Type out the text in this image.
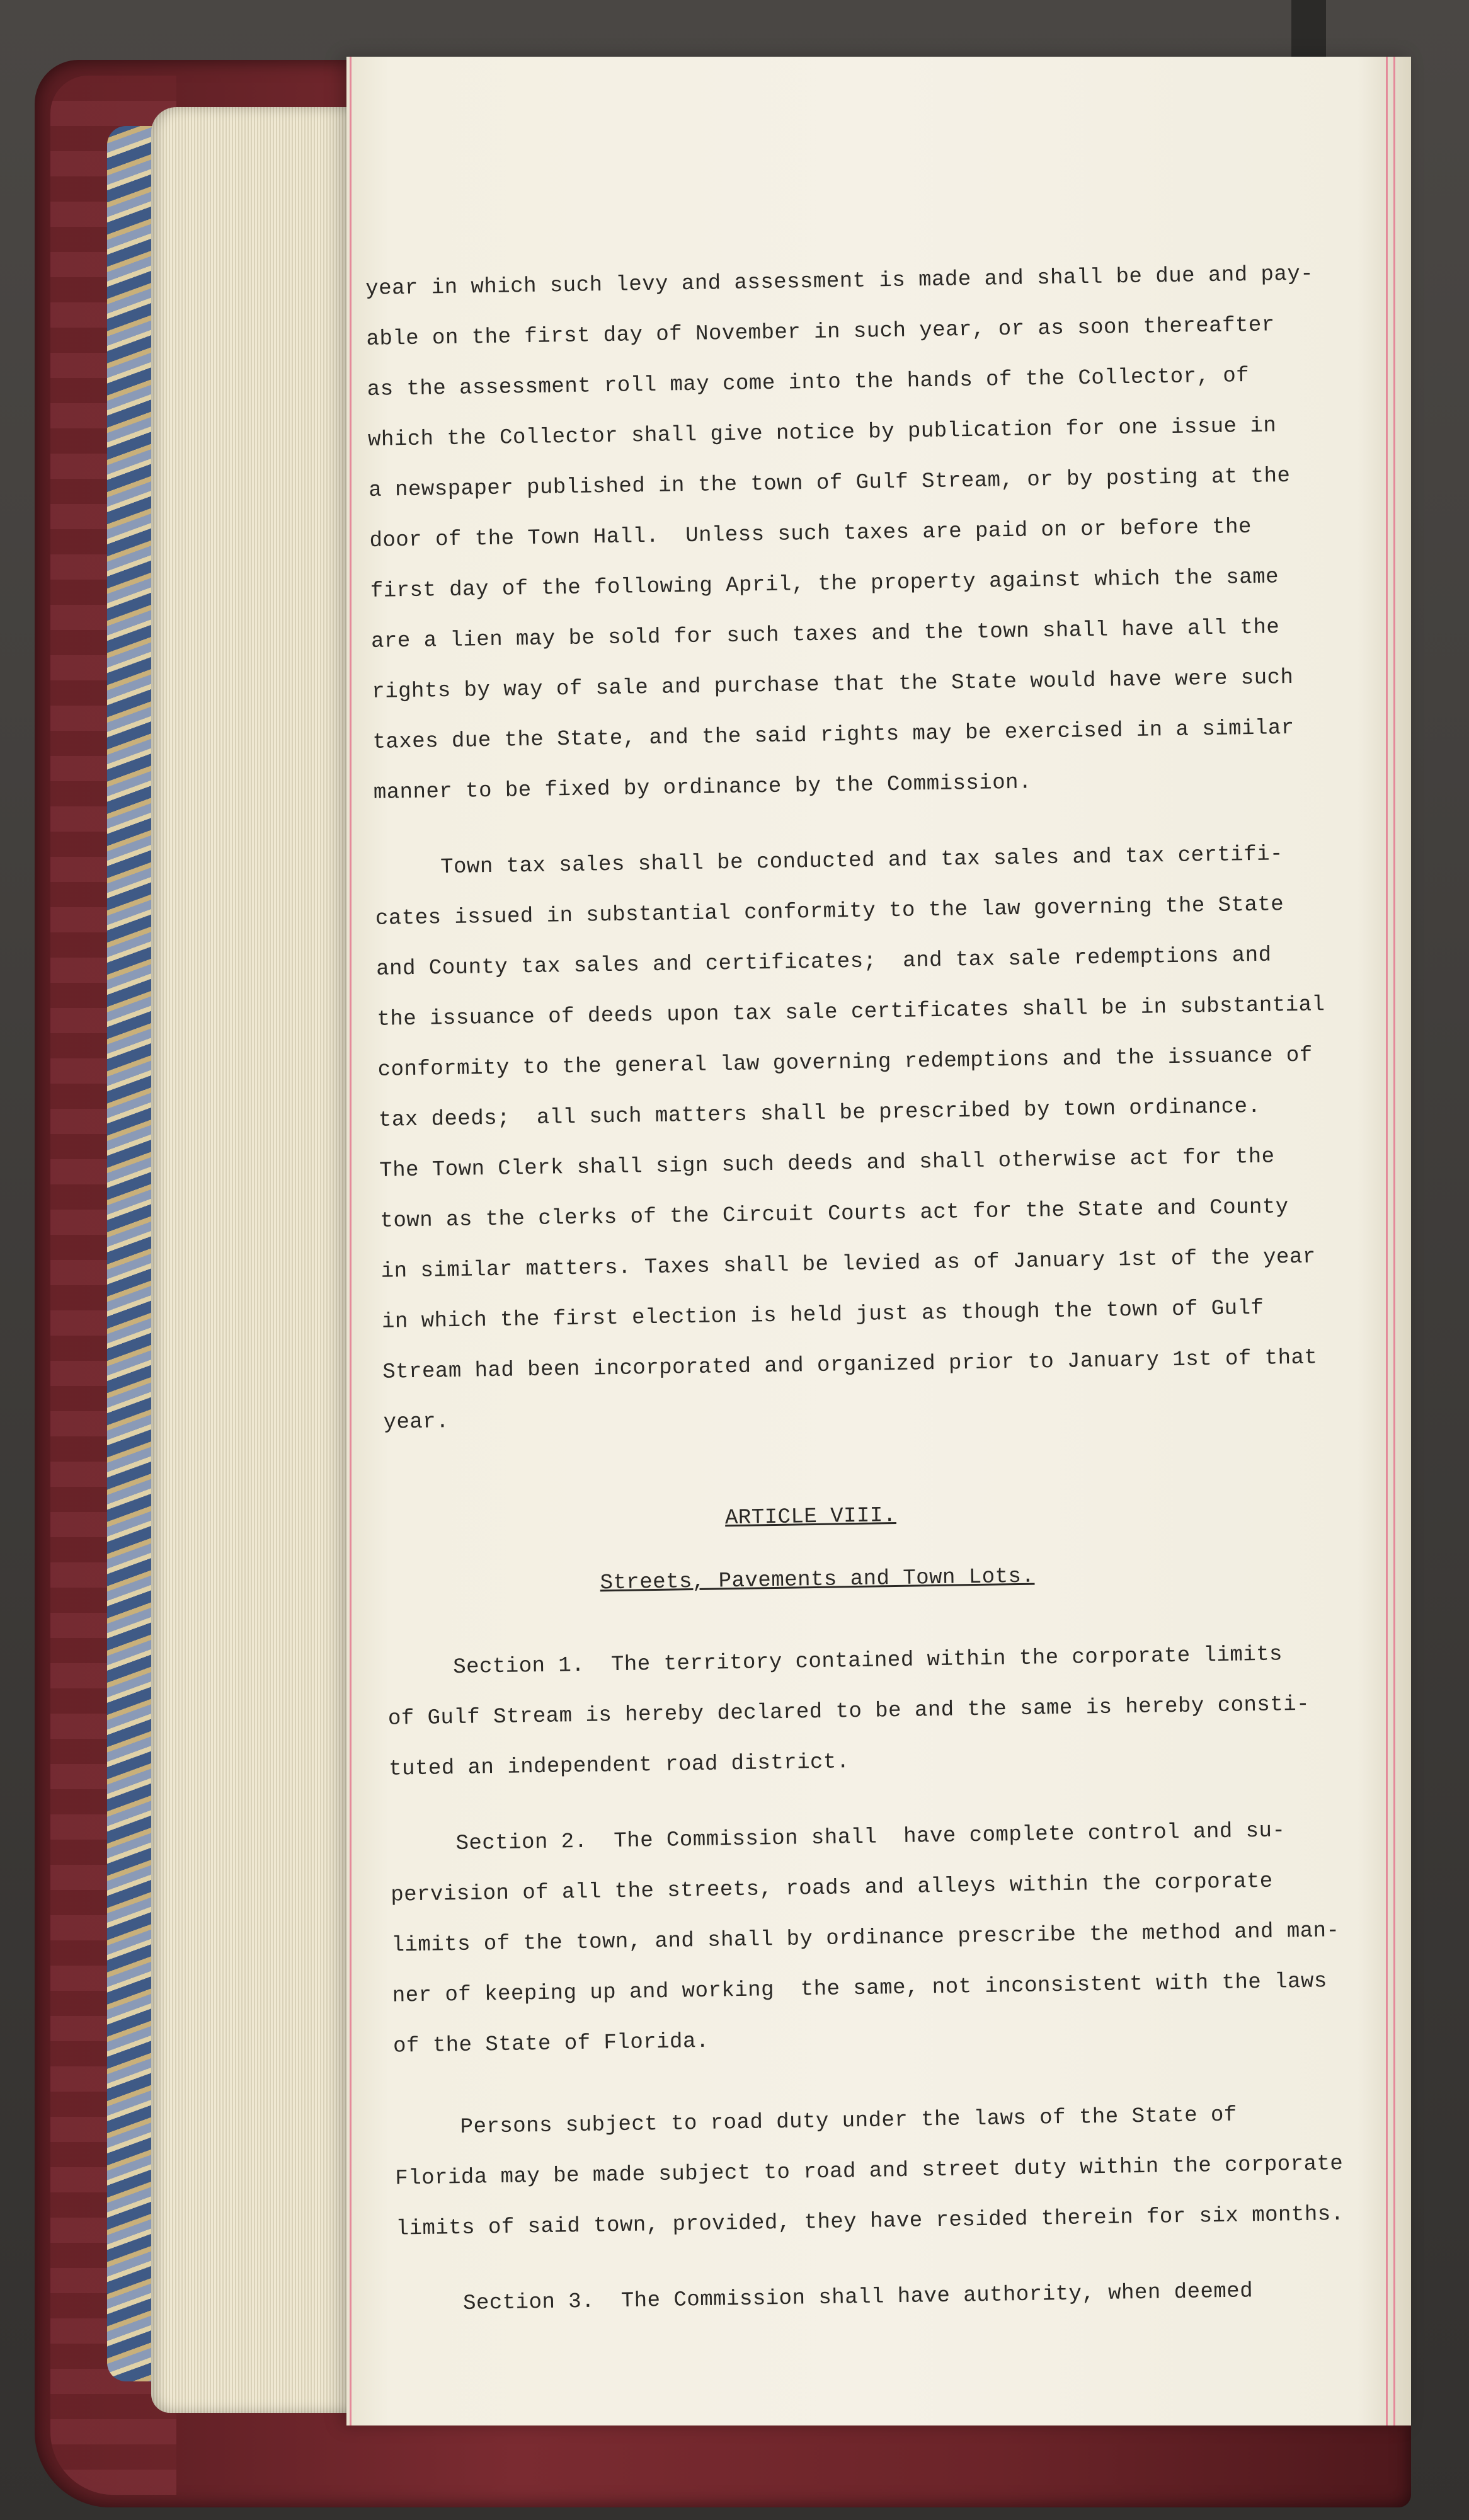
year in which such levy and assessment is made and shall be due and pay-
able on the first day of November in such year, or as soon thereafter
as the assessment roll may come into the hands of the Collector, of
which the Collector shall give notice by publication for one issue in
a newspaper published in the town of Gulf Stream, or by posting at the
door of the Town Hall.  Unless such taxes are paid on or before the
first day of the following April, the property against which the same
are a lien may be sold for such taxes and the town shall have all the
rights by way of sale and purchase that the State would have were such
taxes due the State, and the said rights may be exercised in a similar
manner to be fixed by ordinance by the Commission.
Town tax sales shall be conducted and tax sales and tax certifi-
cates issued in substantial conformity to the law governing the State
and County tax sales and certificates;  and tax sale redemptions and
the issuance of deeds upon tax sale certificates shall be in substantial
conformity to the general law governing redemptions and the issuance of
tax deeds;  all such matters shall be prescribed by town ordinance.
The Town Clerk shall sign such deeds and shall otherwise act for the
town as the clerks of the Circuit Courts act for the State and County
in similar matters. Taxes shall be levied as of January 1st of the year
in which the first election is held just as though the town of Gulf
Stream had been incorporated and organized prior to January 1st of that
year.
ARTICLE VIII.
Streets, Pavements and Town Lots.
Section 1.  The territory contained within the corporate limits
of Gulf Stream is hereby declared to be and the same is hereby consti-
tuted an independent road district.
Section 2.  The Commission shall  have complete control and su-
pervision of all the streets, roads and alleys within the corporate
limits of the town, and shall by ordinance prescribe the method and man-
ner of keeping up and working  the same, not inconsistent with the laws
of the State of Florida.
Persons subject to road duty under the laws of the State of
Florida may be made subject to road and street duty within the corporate
limits of said town, provided, they have resided therein for six months.
Section 3.  The Commission shall have authority, when deemed
